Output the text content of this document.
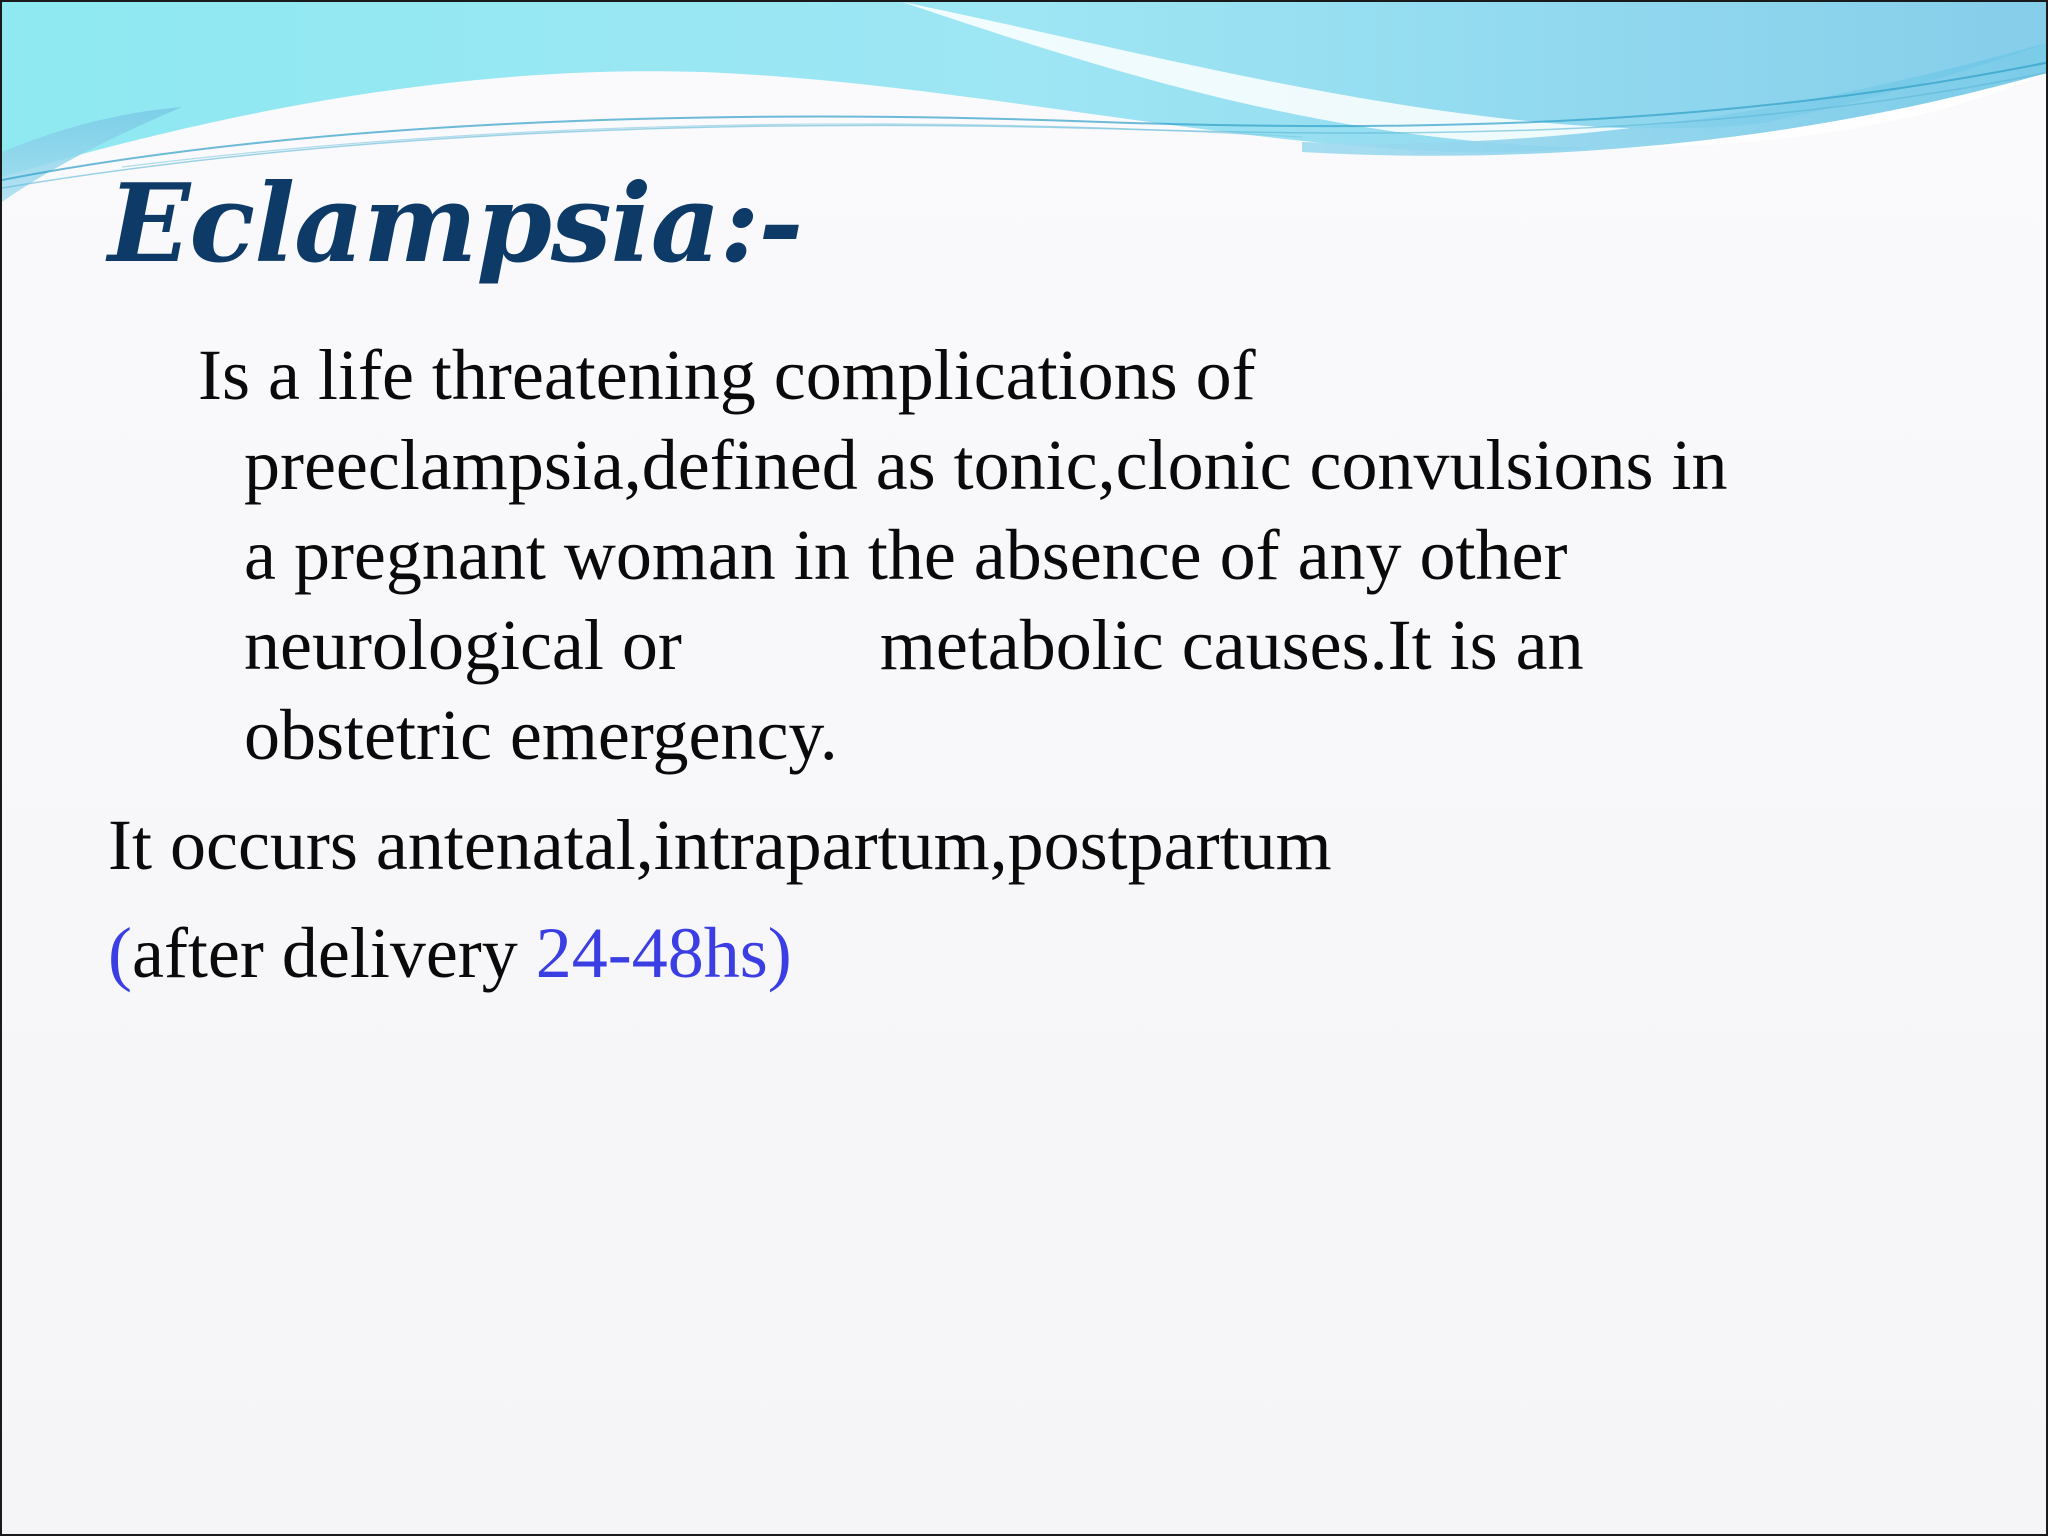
Eclampsia:-

Is a life threatening complications of
preeclampsia,defined as tonic,clonic convulsions in
a pregnant woman in the absence of any other
neurological or           metabolic causes.It is an
obstetric emergency.

It occurs antenatal,intrapartum,postpartum

(after delivery 24-48hs)
